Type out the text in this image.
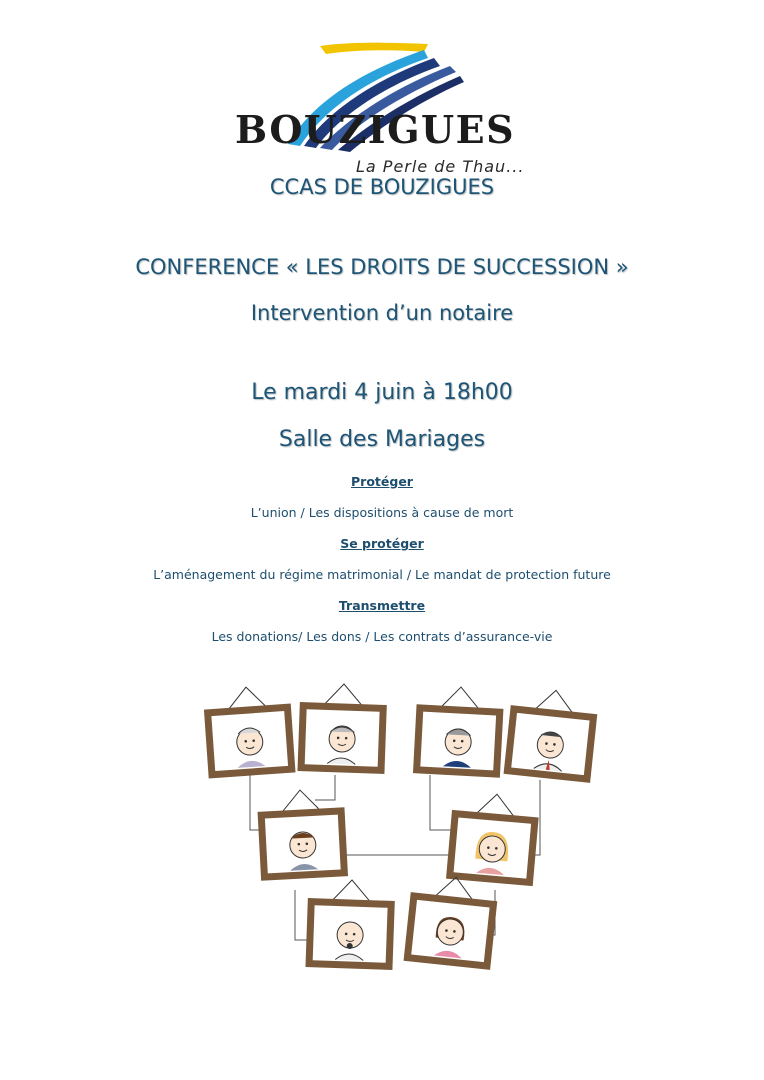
BOUZIGUES
La Perle de Thau...
CCAS DE BOUZIGUES
CONFERENCE « LES DROITS DE SUCCESSION »
Intervention d’un notaire
Le mardi 4 juin à 18h00
Salle des Mariages
Protéger
L’union / Les dispositions à cause de mort
Se protéger
L’aménagement du régime matrimonial / Le mandat de protection future
Transmettre
Les donations/ Les dons / Les contrats d’assurance-vie
